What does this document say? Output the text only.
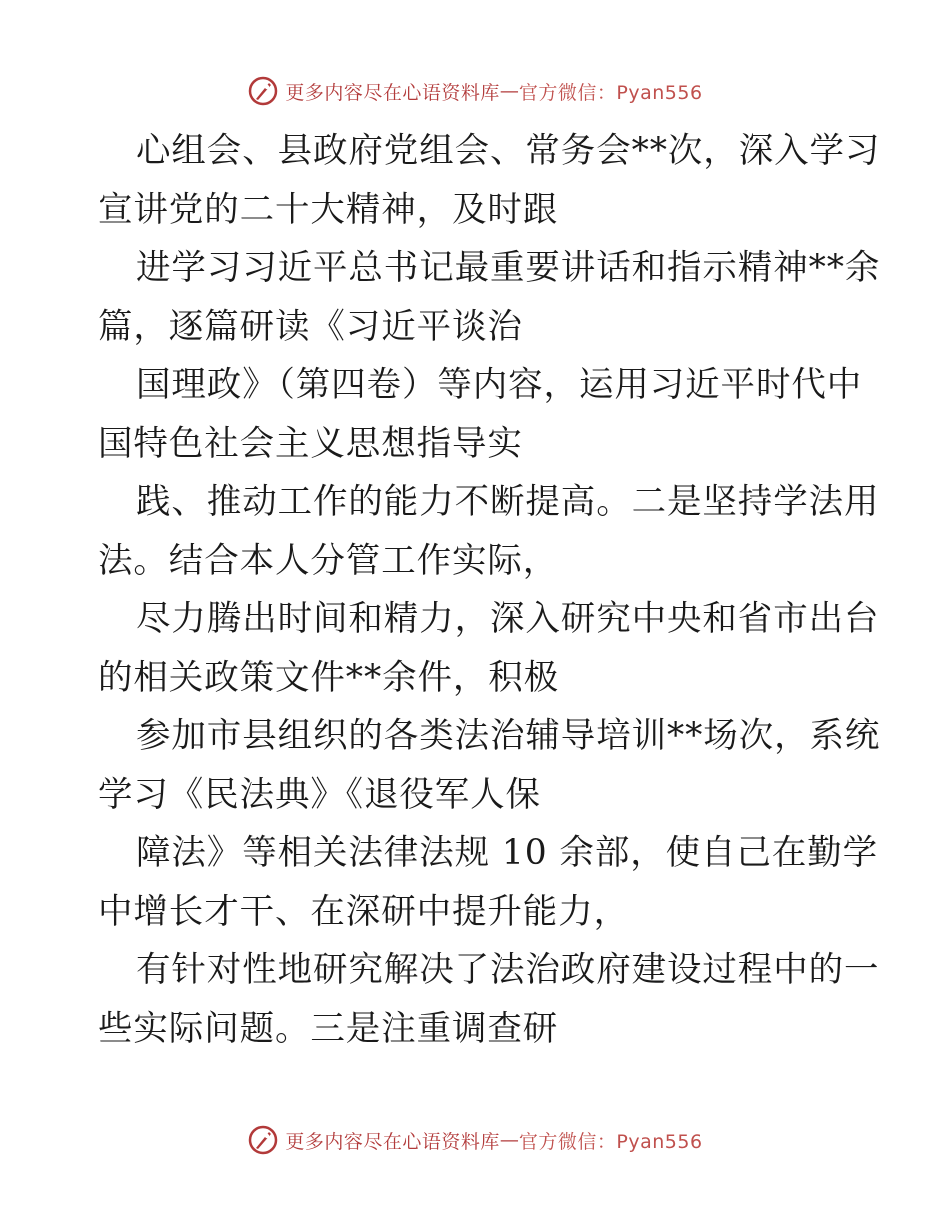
更多内容尽在心语资料库 — 官方微信：Pyan556
心组会、县政府党组会、常务会**次，深入学习
宣讲党的二十大精神，及时跟
进学习习近平总书记最重要讲话和指示精神**余
篇，逐篇研读《习近平谈治
国理政》（第四卷）等内容，运用习近平时代中
国特色社会主义思想指导实
践、推动工作的能力不断提高。二是坚持学法用
法。结合本人分管工作实际，
尽力腾出时间和精力，深入研究中央和省市出台
的相关政策文件**余件，积极
参加市县组织的各类法治辅导培训**场次，系统
学习《民法典》《退役军人保
障法》等相关法律法规 10 余部，使自己在勤学
中增长才干、在深研中提升能力，
有针对性地研究解决了法治政府建设过程中的一
些实际问题。三是注重调查研
更多内容尽在心语资料库 — 官方微信：Pyan556
